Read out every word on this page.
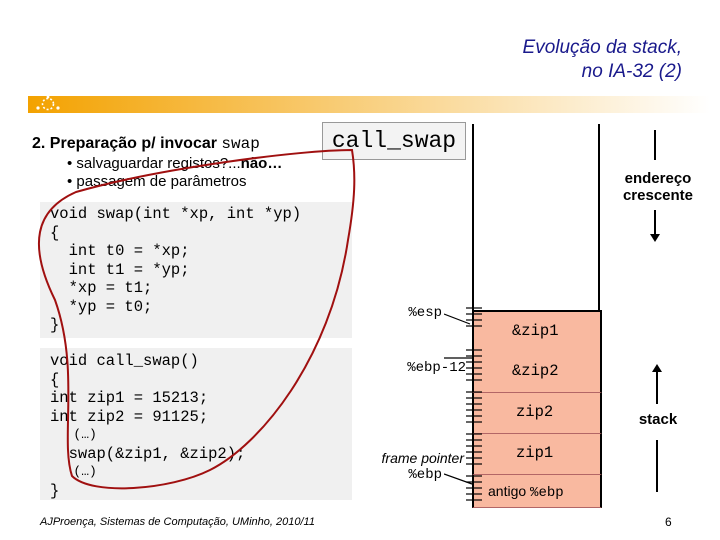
Evolução da stack,
no IA-32 (2)
2. Preparação p/ invocar swap	call_swap
• salvaguardar registos?...não…
• passagem de parâmetros
void swap(int *xp, int *yp)
{
int t0 = *xp;
int t1 = *yp;
*xp = t1;
*yp = t0;
}
void call_swap()
{
int zip1 = 15213;
int zip2 = 91125;
(…)
swap(&zip1, &zip2);
(…)
}
&zip1
&zip2
zip2
zip1
antigo %ebp
%esp
%ebp-12
frame pointer
%ebp
endereço
crescente
stack
AJProença, Sistemas de Computação, UMinho, 2010/11	6
